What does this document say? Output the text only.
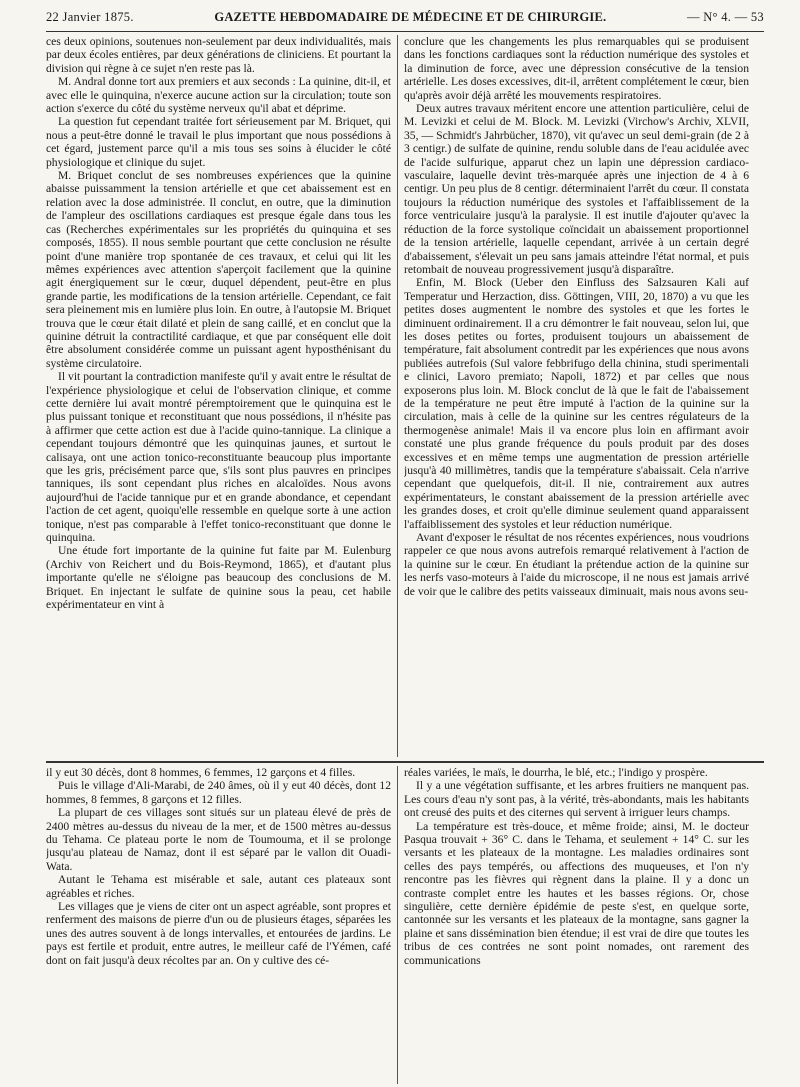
22 Janvier 1875.	GAZETTE HEBDOMADAIRE DE MÉDECINE ET DE CHIRURGIE.	— N° 4. — 53

ces deux opinions, soutenues non-seulement par deux individualités, mais par deux écoles entières, par deux générations de cliniciens. Et pourtant la division qui règne à ce sujet n'en reste pas là.

M. Andral donne tort aux premiers et aux seconds : La quinine, dit-il, et avec elle le quinquina, n'exerce aucune action sur la circulation; toute son action s'exerce du côté du système nerveux qu'il abat et déprime.

La question fut cependant traitée fort sérieusement par M. Briquet, qui nous a peut-être donné le travail le plus important que nous possédions à cet égard, justement parce qu'il a mis tous ses soins à élucider le côté physiologique et clinique du sujet.

M. Briquet conclut de ses nombreuses expériences que la quinine abaisse puissamment la tension artérielle et que cet abaissement est en relation avec la dose administrée. Il conclut, en outre, que la diminution de l'ampleur des oscillations cardiaques est presque égale dans tous les cas (Recherches expérimentales sur les propriétés du quinquina et ses composés, 1855). Il nous semble pourtant que cette conclusion ne résulte point d'une manière trop spontanée de ces travaux, et celui qui lit les mêmes expériences avec attention s'aperçoit facilement que la quinine agit énergiquement sur le cœur, duquel dépendent, peut-être en plus grande partie, les modifications de la tension artérielle. Cependant, ce fait sera pleinement mis en lumière plus loin. En outre, à l'autopsie M. Briquet trouva que le cœur était dilaté et plein de sang caillé, et en conclut que la quinine détruit la contractilité cardiaque, et que par conséquent elle doit être absolument considérée comme un puissant agent hyposthénisant du système circulatoire.

Il vit pourtant la contradiction manifeste qu'il y avait entre le résultat de l'expérience physiologique et celui de l'observation clinique, et comme cette dernière lui avait montré péremptoirement que le quinquina est le plus puissant tonique et reconstituant que nous possédions, il n'hésite pas à affirmer que cette action est due à l'acide quino-tannique. La clinique a cependant toujours démontré que les quinquinas jaunes, et surtout le calisaya, ont une action tonico-reconstituante beaucoup plus importante que les gris, précisément parce que, s'ils sont plus pauvres en principes tanniques, ils sont cependant plus riches en alcaloïdes. Nous avons aujourd'hui de l'acide tannique pur et en grande abondance, et cependant l'action de cet agent, quoiqu'elle ressemble en quelque sorte à une action tonique, n'est pas comparable à l'effet tonico-reconstituant que donne le quinquina.

Une étude fort importante de la quinine fut faite par M. Eulenburg (Archiv von Reichert und du Bois-Reymond, 1865), et d'autant plus importante qu'elle ne s'éloigne pas beaucoup des conclusions de M. Briquet. En injectant le sulfate de quinine sous la peau, cet habile expérimentateur en vint à

conclure que les changements les plus remarquables qui se produisent dans les fonctions cardiaques sont la réduction numérique des systoles et la diminution de force, avec une dépression consécutive de la tension artérielle. Les doses excessives, dit-il, arrêtent complétement le cœur, bien qu'après avoir déjà arrêté les mouvements respiratoires.

Deux autres travaux méritent encore une attention particulière, celui de M. Levizki et celui de M. Block. M. Levizki (Virchow's Archiv, XLVII, 35, — Schmidt's Jahrbücher, 1870), vit qu'avec un seul demi-grain (de 2 à 3 centigr.) de sulfate de quinine, rendu soluble dans de l'eau acidulée avec de l'acide sulfurique, apparut chez un lapin une dépression cardiaco-vasculaire, laquelle devint très-marquée après une injection de 4 à 6 centigr. Un peu plus de 8 centigr. déterminaient l'arrêt du cœur. Il constata toujours la réduction numérique des systoles et l'affaiblissement de la force ventriculaire jusqu'à la paralysie. Il est inutile d'ajouter qu'avec la réduction de la force systolique coïncidait un abaissement proportionnel de la tension artérielle, laquelle cependant, arrivée à un certain degré d'abaissement, s'élevait un peu sans jamais atteindre l'état normal, et puis retombait de nouveau progressivement jusqu'à disparaître.

Enfin, M. Block (Ueber den Einfluss des Salzsauren Kali auf Temperatur und Herzaction, diss. Göttingen, VIII, 20, 1870) a vu que les petites doses augmentent le nombre des systoles et que les fortes le diminuent ordinairement. Il a cru démontrer le fait nouveau, selon lui, que les doses petites ou fortes, produisent toujours un abaissement de température, fait absolument contredit par les expériences que nous avons publiées autrefois (Sul valore febbrifugo della chinina, studi sperimentali e clinici, Lavoro premiato; Napoli, 1872) et par celles que nous exposerons plus loin. M. Block conclut de là que le fait de l'abaissement de la température ne peut être imputé à l'action de la quinine sur la circulation, mais à celle de la quinine sur les centres régulateurs de la thermogenèse animale! Mais il va encore plus loin en affirmant avoir constaté une plus grande fréquence du pouls produit par des doses excessives et en même temps une augmentation de pression artérielle jusqu'à 40 millimètres, tandis que la température s'abaissait. Cela n'arrive cependant que quelquefois, dit-il. Il nie, contrairement aux autres expérimentateurs, le constant abaissement de la pression artérielle avec les grandes doses, et croit qu'elle diminue seulement quand apparaissent l'affaiblissement des systoles et leur réduction numérique.

Avant d'exposer le résultat de nos récentes expériences, nous voudrions rappeler ce que nous avons autrefois remarqué relativement à l'action de la quinine sur le cœur. En étudiant la prétendue action de la quinine sur les nerfs vaso-moteurs à l'aide du microscope, il ne nous est jamais arrivé de voir que le calibre des petits vaisseaux diminuait, mais nous avons seu-

il y eut 30 décès, dont 8 hommes, 6 femmes, 12 garçons et 4 filles.

Puis le village d'Ali-Marabi, de 240 âmes, où il y eut 40 décès, dont 12 hommes, 8 femmes, 8 garçons et 12 filles.

La plupart de ces villages sont situés sur un plateau élevé de près de 2400 mètres au-dessus du niveau de la mer, et de 1500 mètres au-dessus du Tehama. Ce plateau porte le nom de Toumouma, et il se prolonge jusqu'au plateau de Namaz, dont il est séparé par le vallon dit Ouadi-Wata.

Autant le Tehama est misérable et sale, autant ces plateaux sont agréables et riches.

Les villages que je viens de citer ont un aspect agréable, sont propres et renferment des maisons de pierre d'un ou de plusieurs étages, séparées les unes des autres souvent à de longs intervalles, et entourées de jardins. Le pays est fertile et produit, entre autres, le meilleur café de l'Yémen, café dont on fait jusqu'à deux récoltes par an. On y cultive des cé-

réales variées, le maïs, le dourrha, le blé, etc.; l'indigo y prospère.

Il y a une végétation suffisante, et les arbres fruitiers ne manquent pas. Les cours d'eau n'y sont pas, à la vérité, très-abondants, mais les habitants ont creusé des puits et des citernes qui servent à irriguer leurs champs.

La température est très-douce, et même froide; ainsi, M. le docteur Pasqua trouvait + 36° C. dans le Tehama, et seulement + 14° C. sur les versants et les plateaux de la montagne. Les maladies ordinaires sont celles des pays tempérés, ou affections des muqueuses, et l'on n'y rencontre pas les fièvres qui règnent dans la plaine. Il y a donc un contraste complet entre les hautes et les basses régions. Or, chose singulière, cette dernière épidémie de peste s'est, en quelque sorte, cantonnée sur les versants et les plateaux de la montagne, sans gagner la plaine et sans dissémination bien étendue; il est vrai de dire que toutes les tribus de ces contrées ne sont point nomades, ont rarement des communications
